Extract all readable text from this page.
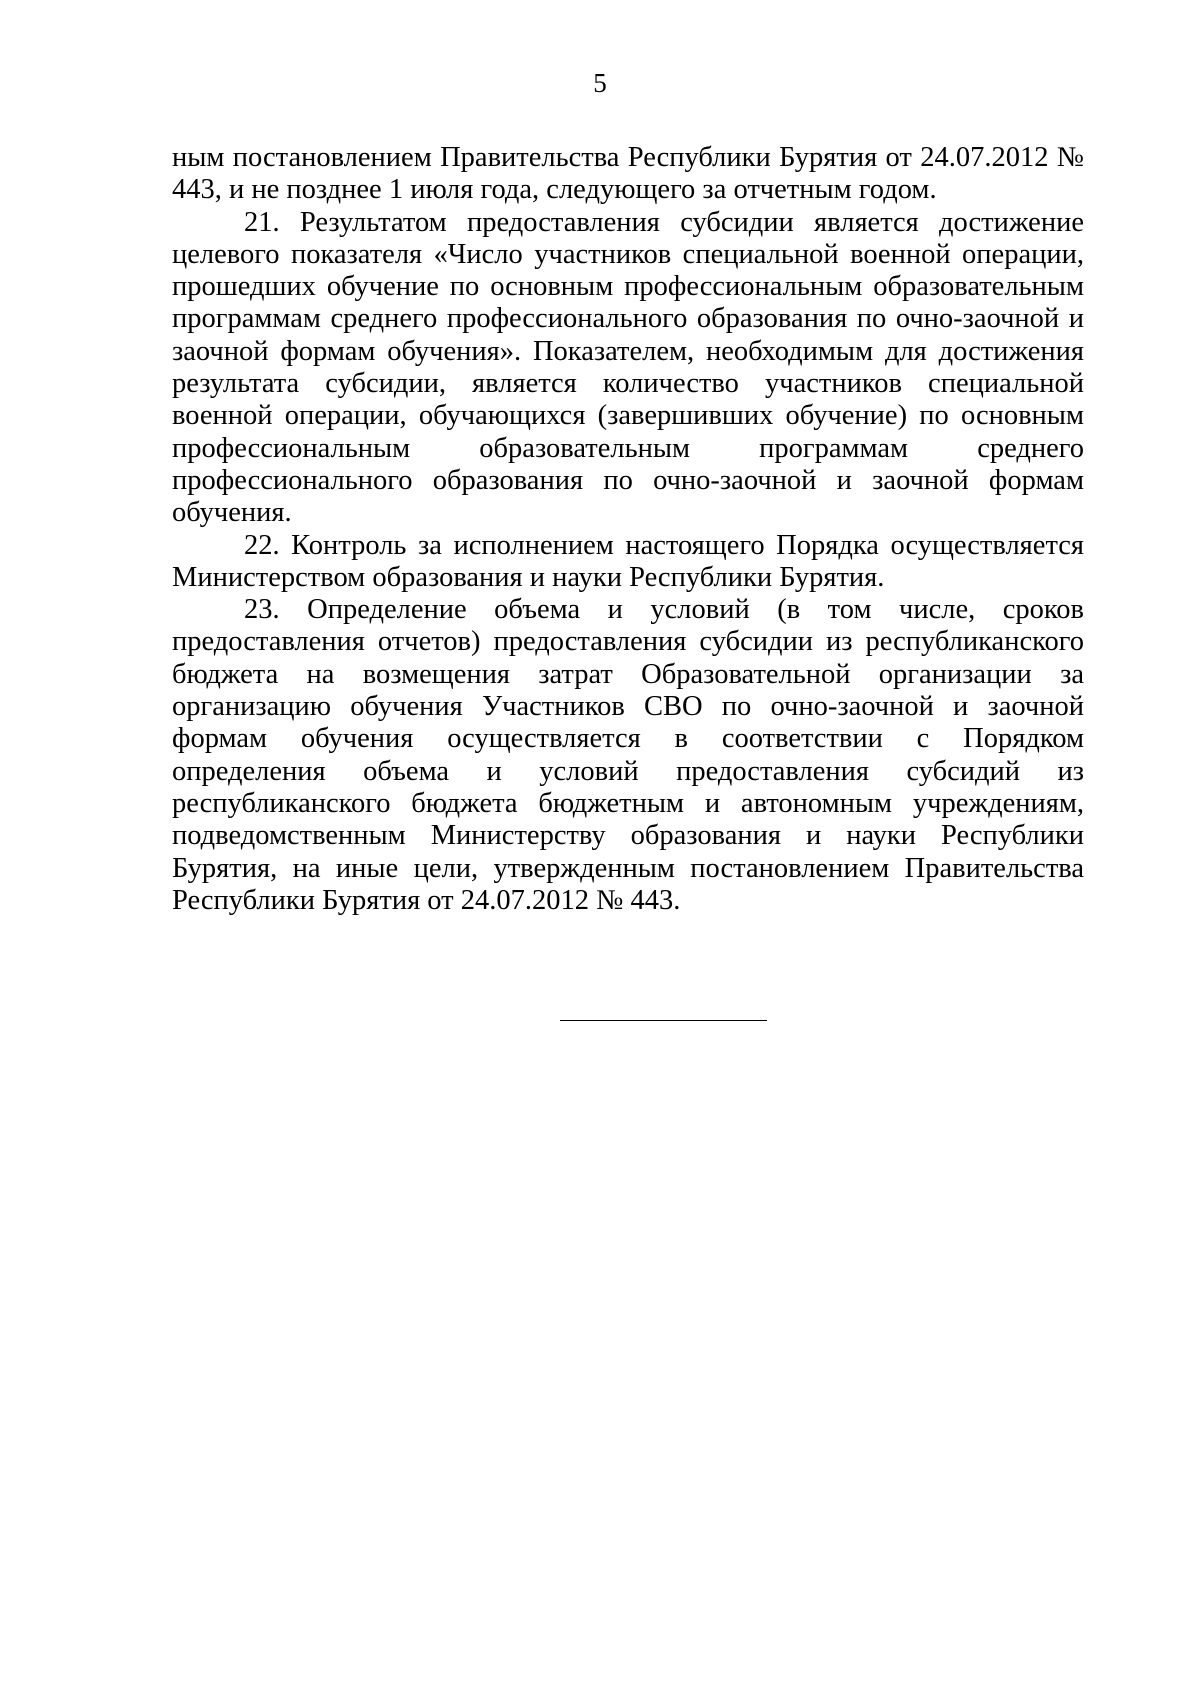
5

ным постановлением Правительства Республики Бурятия от 24.07.2012 № 443, и не позднее 1 июля года, следующего за отчетным годом.

21. Результатом предоставления субсидии является достижение целевого показателя «Число участников специальной военной операции, прошедших обучение по основным профессиональным образовательным программам среднего профессионального образования по очно-заочной и заочной формам обучения». Показателем, необходимым для достижения результата субсидии, является количество участников специальной военной операции, обучающихся (завершивших обучение) по основным профессиональным образовательным программам среднего профессионального образования по очно-заочной и заочной формам обучения.

22. Контроль за исполнением настоящего Порядка осуществляется Министерством образования и науки Республики Бурятия.

23. Определение объема и условий (в том числе, сроков предоставления отчетов) предоставления субсидии из республиканского бюджета на возмещения затрат Образовательной организации за организацию обучения Участников СВО по очно-заочной и заочной формам обучения осуществляется в соответствии с Порядком определения объема и условий предоставления субсидий из республиканского бюджета бюджетным и автономным учреждениям, подведомственным Министерству образования и науки Республики Бурятия, на иные цели, утвержденным постановлением Правительства Республики Бурятия от 24.07.2012 № 443.
